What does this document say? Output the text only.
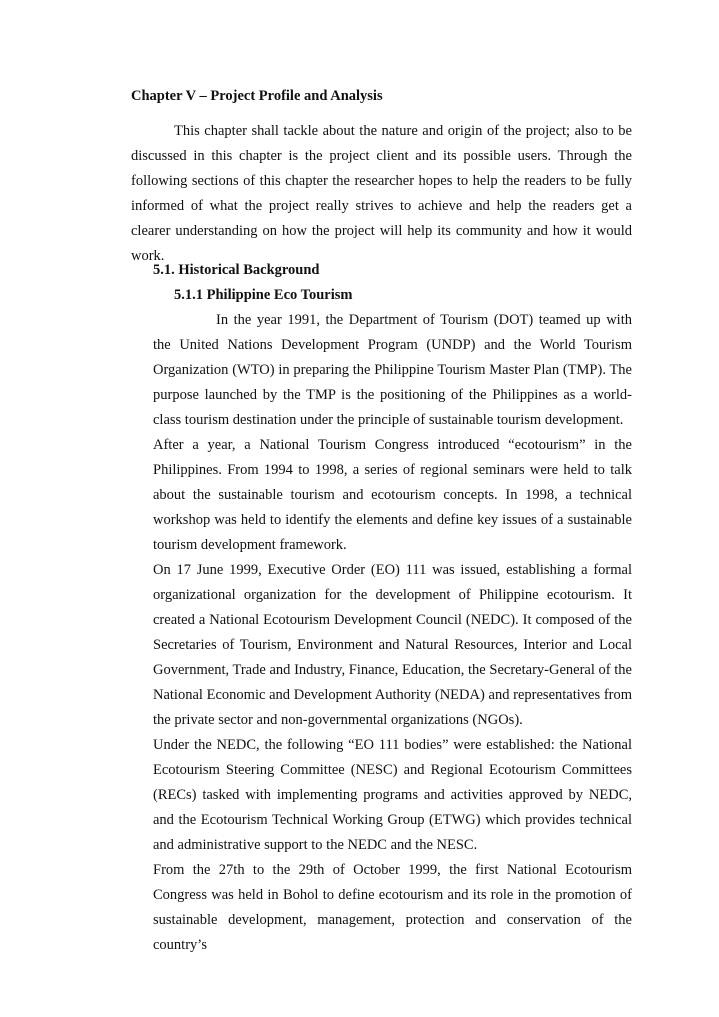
Chapter V – Project Profile and Analysis

This chapter shall tackle about the nature and origin of the project; also to be discussed in this chapter is the project client and its possible users. Through the following sections of this chapter the researcher hopes to help the readers to be fully informed of what the project really strives to achieve and help the readers get a clearer understanding on how the project will help its community and how it would work.

5.1. Historical Background
5.1.1 Philippine Eco Tourism

In the year 1991, the Department of Tourism (DOT) teamed up with the United Nations Development Program (UNDP) and the World Tourism Organization (WTO) in preparing the Philippine Tourism Master Plan (TMP). The purpose launched by the TMP is the positioning of the Philippines as a world-class tourism destination under the principle of sustainable tourism development.

After a year, a National Tourism Congress introduced “ecotourism” in the Philippines. From 1994 to 1998, a series of regional seminars were held to talk about the sustainable tourism and ecotourism concepts. In 1998, a technical workshop was held to identify the elements and define key issues of a sustainable tourism development framework.

On 17 June 1999, Executive Order (EO) 111 was issued, establishing a formal organizational organization for the development of Philippine ecotourism. It created a National Ecotourism Development Council (NEDC). It composed of the Secretaries of Tourism, Environment and Natural Resources, Interior and Local Government, Trade and Industry, Finance, Education, the Secretary-General of the National Economic and Development Authority (NEDA) and representatives from the private sector and non-governmental organizations (NGOs).

Under the NEDC, the following “EO 111 bodies” were established: the National Ecotourism Steering Committee (NESC) and Regional Ecotourism Committees (RECs) tasked with implementing programs and activities approved by NEDC, and the Ecotourism Technical Working Group (ETWG) which provides technical and administrative support to the NEDC and the NESC.

From the 27th to the 29th of October 1999, the first National Ecotourism Congress was held in Bohol to define ecotourism and its role in the promotion of sustainable development, management, protection and conservation of the country’s
